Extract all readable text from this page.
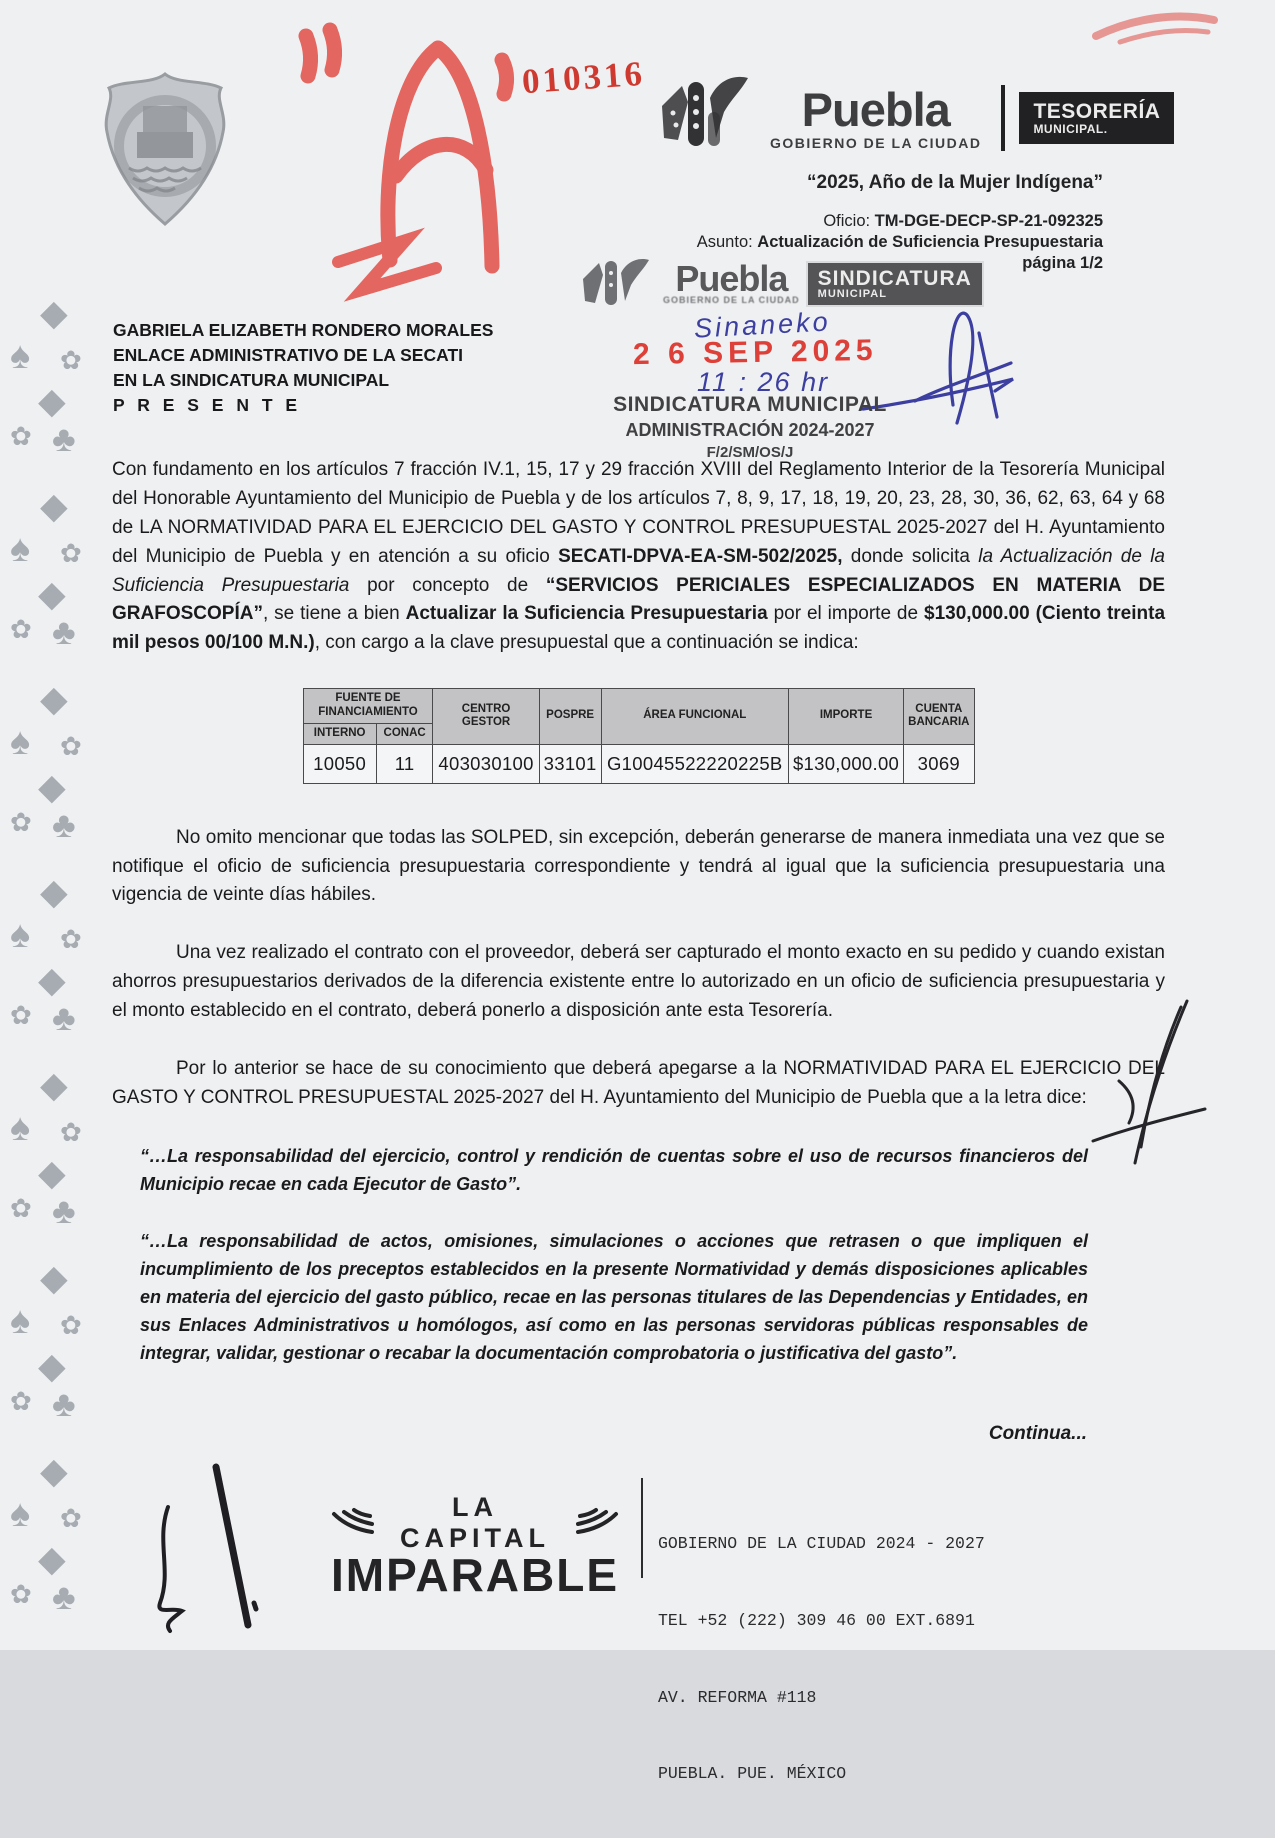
◆
♠ ✿
◆
✿ ♣
◆
♠ ✿
◆
✿ ♣
◆
♠ ✿
◆
✿ ♣
◆
♠ ✿
◆
✿ ♣
◆
♠ ✿
◆
✿ ♣
◆
♠ ✿
◆
✿ ♣
◆
♠ ✿
◆
✿ ♣
010316
Puebla
GOBIERNO DE LA CIUDAD
TESORERÍA
MUNICIPAL.
“2025, Año de la Mujer Indígena”
Oficio: TM-DGE-DECP-SP-21-092325
Asunto: Actualización de Suficiencia Presupuestaria
página 1/2
Puebla
GOBIERNO DE LA CIUDAD
SINDICATURA
MUNICIPAL
Sinaneko
2 6 SEP 2025
11 : 26 hr
SINDICATURA MUNICIPAL
ADMINISTRACIÓN 2024-2027
F/2/SM/OS/J
GABRIELA ELIZABETH RONDERO MORALES
ENLACE ADMINISTRATIVO DE LA SECATI
EN LA SINDICATURA MUNICIPAL
P R E S E N T E

Con fundamento en los artículos 7 fracción IV.1, 15, 17 y 29 fracción XVIII del Reglamento Interior de la Tesorería Municipal del Honorable Ayuntamiento del Municipio de Puebla y de los artículos 7, 8, 9, 17, 18, 19, 20, 23, 28, 30, 36, 62, 63, 64 y 68 de LA NORMATIVIDAD PARA EL EJERCICIO DEL GASTO Y CONTROL PRESUPUESTAL 2025-2027 del H. Ayuntamiento del Municipio de Puebla y en atención a su oficio SECATI-DPVA-EA-SM-502/2025, donde solicita la Actualización de la Suficiencia Presupuestaria por concepto de “SERVICIOS PERICIALES ESPECIALIZADOS EN MATERIA DE GRAFOSCOPÍA”, se tiene a bien Actualizar la Suficiencia Presupuestaria por el importe de $130,000.00 (Ciento treinta mil pesos 00/100 M.N.), con cargo a la clave presupuestal que a continuación se indica:

FUENTE DE FINANCIAMIENTO		CENTRO GESTOR	POSPRE	ÁREA FUNCIONAL	IMPORTE	CUENTA BANCARIA
INTERNO	CONAC					
10050	11	403030100	33101	G10045522220225B	$130,000.00	3069

No omito mencionar que todas las SOLPED, sin excepción, deberán generarse de manera inmediata una vez que se notifique el oficio de suficiencia presupuestaria correspondiente y tendrá al igual que la suficiencia presupuestaria una vigencia de veinte días hábiles.

Una vez realizado el contrato con el proveedor, deberá ser capturado el monto exacto en su pedido y cuando existan ahorros presupuestarios derivados de la diferencia existente entre lo autorizado en un oficio de suficiencia presupuestaria y el monto establecido en el contrato, deberá ponerlo a disposición ante esta Tesorería.

Por lo anterior se hace de su conocimiento que deberá apegarse a la NORMATIVIDAD PARA EL EJERCICIO DEL GASTO Y CONTROL PRESUPUESTAL 2025-2027 del H. Ayuntamiento del Municipio de Puebla que a la letra dice:

“…La responsabilidad del ejercicio, control y rendición de cuentas sobre el uso de recursos financieros del Municipio recae en cada Ejecutor de Gasto”.

“…La responsabilidad de actos, omisiones, simulaciones o acciones que retrasen o que impliquen el incumplimiento de los preceptos establecidos en la presente Normatividad y demás disposiciones aplicables en materia del ejercicio del gasto público, recae en las personas titulares de las Dependencias y Entidades, en sus Enlaces Administrativos u homólogos, así como en las personas servidoras públicas responsables de integrar, validar, gestionar o recabar la documentación comprobatoria o justificativa del gasto”.

Continua...

LA CAPITAL
IMPARABLE

GOBIERNO DE LA CIUDAD 2024 - 2027

TEL +52 (222) 309 46 00 EXT.6891

AV. REFORMA #118

PUEBLA. PUE. MÉXICO
